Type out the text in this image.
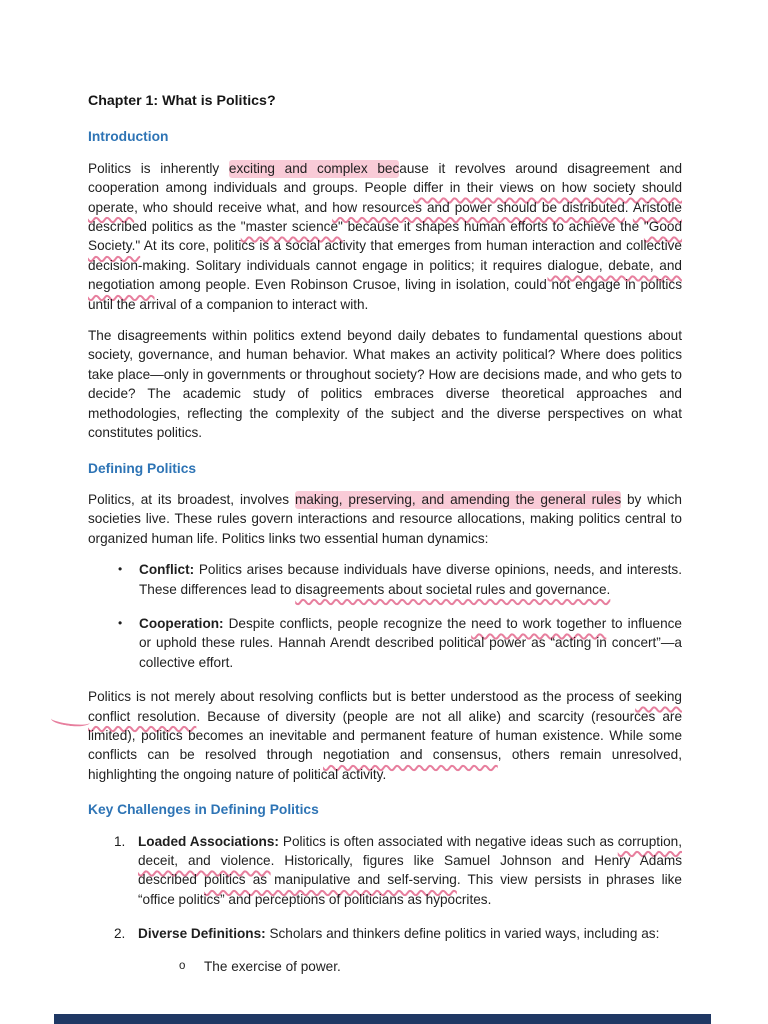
Chapter 1: What is Politics?
Introduction

Politics is inherently exciting and complex because it revolves around disagreement and cooperation among individuals and groups. People differ in their views on how society should operate, who should receive what, and how resources and power should be distributed. Aristotle described politics as the "master science" because it shapes human efforts to achieve the "Good Society." At its core, politics is a social activity that emerges from human interaction and collective decision-making. Solitary individuals cannot engage in politics; it requires dialogue, debate, and negotiation among people. Even Robinson Crusoe, living in isolation, could not engage in politics until the arrival of a companion to interact with.

The disagreements within politics extend beyond daily debates to fundamental questions about society, governance, and human behavior. What makes an activity political? Where does politics take place—only in governments or throughout society? How are decisions made, and who gets to decide? The academic study of politics embraces diverse theoretical approaches and methodologies, reflecting the complexity of the subject and the diverse perspectives on what constitutes politics.

Defining Politics

Politics, at its broadest, involves making, preserving, and amending the general rules by which societies live. These rules govern interactions and resource allocations, making politics central to organized human life. Politics links two essential human dynamics:

•	Conflict: Politics arises because individuals have diverse opinions, needs, and interests. These differences lead to disagreements about societal rules and governance.
•	Cooperation: Despite conflicts, people recognize the need to work together to influence or uphold these rules. Hannah Arendt described political power as “acting in concert”—a collective effort.

Politics is not merely about resolving conflicts but is better understood as the process of seeking conflict resolution. Because of diversity (people are not all alike) and scarcity (resources are limited), politics becomes an inevitable and permanent feature of human existence. While some conflicts can be resolved through negotiation and consensus, others remain unresolved, highlighting the ongoing nature of political activity.

Key Challenges in Defining Politics
1. Loaded Associations: Politics is often associated with negative ideas such as corruption, deceit, and violence. Historically, figures like Samuel Johnson and Henry Adams described politics as manipulative and self-serving. This view persists in phrases like “office politics” and perceptions of politicians as hypocrites.
2. Diverse Definitions: Scholars and thinkers define politics in varied ways, including as:
o	The exercise of power.
